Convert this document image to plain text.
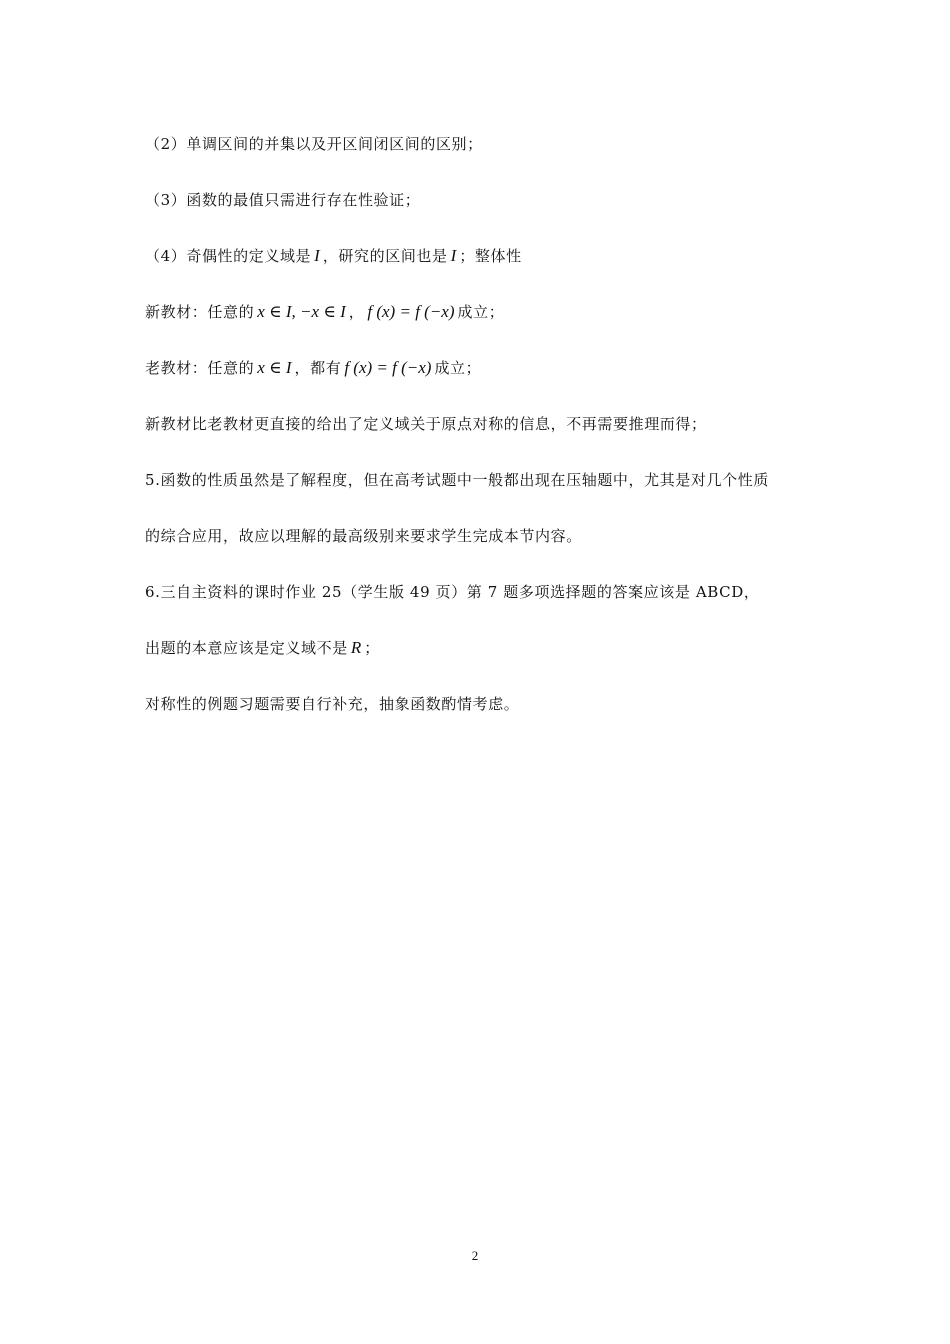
（2）单调区间的并集以及开区间闭区间的区别；
（3）函数的最值只需进行存在性验证；
（4）奇偶性的定义域是 I ，研究的区间也是 I ；整体性
新教材：任意的 x ∈ I, −x ∈ I ， f (x) = f (−x) 成立；
老教材：任意的 x ∈ I ，都有 f (x) = f (−x) 成立；
新教材比老教材更直接的给出了定义域关于原点对称的信息，不再需要推理而得；
5.函数的性质虽然是了解程度，但在高考试题中一般都出现在压轴题中，尤其是对几个性质
的综合应用，故应以理解的最高级别来要求学生完成本节内容。
6.三自主资料的课时作业 25（学生版 49 页）第 7 题多项选择题的答案应该是 ABCD，
出题的本意应该是定义域不是 R ；
对称性的例题习题需要自行补充，抽象函数酌情考虑。
2
